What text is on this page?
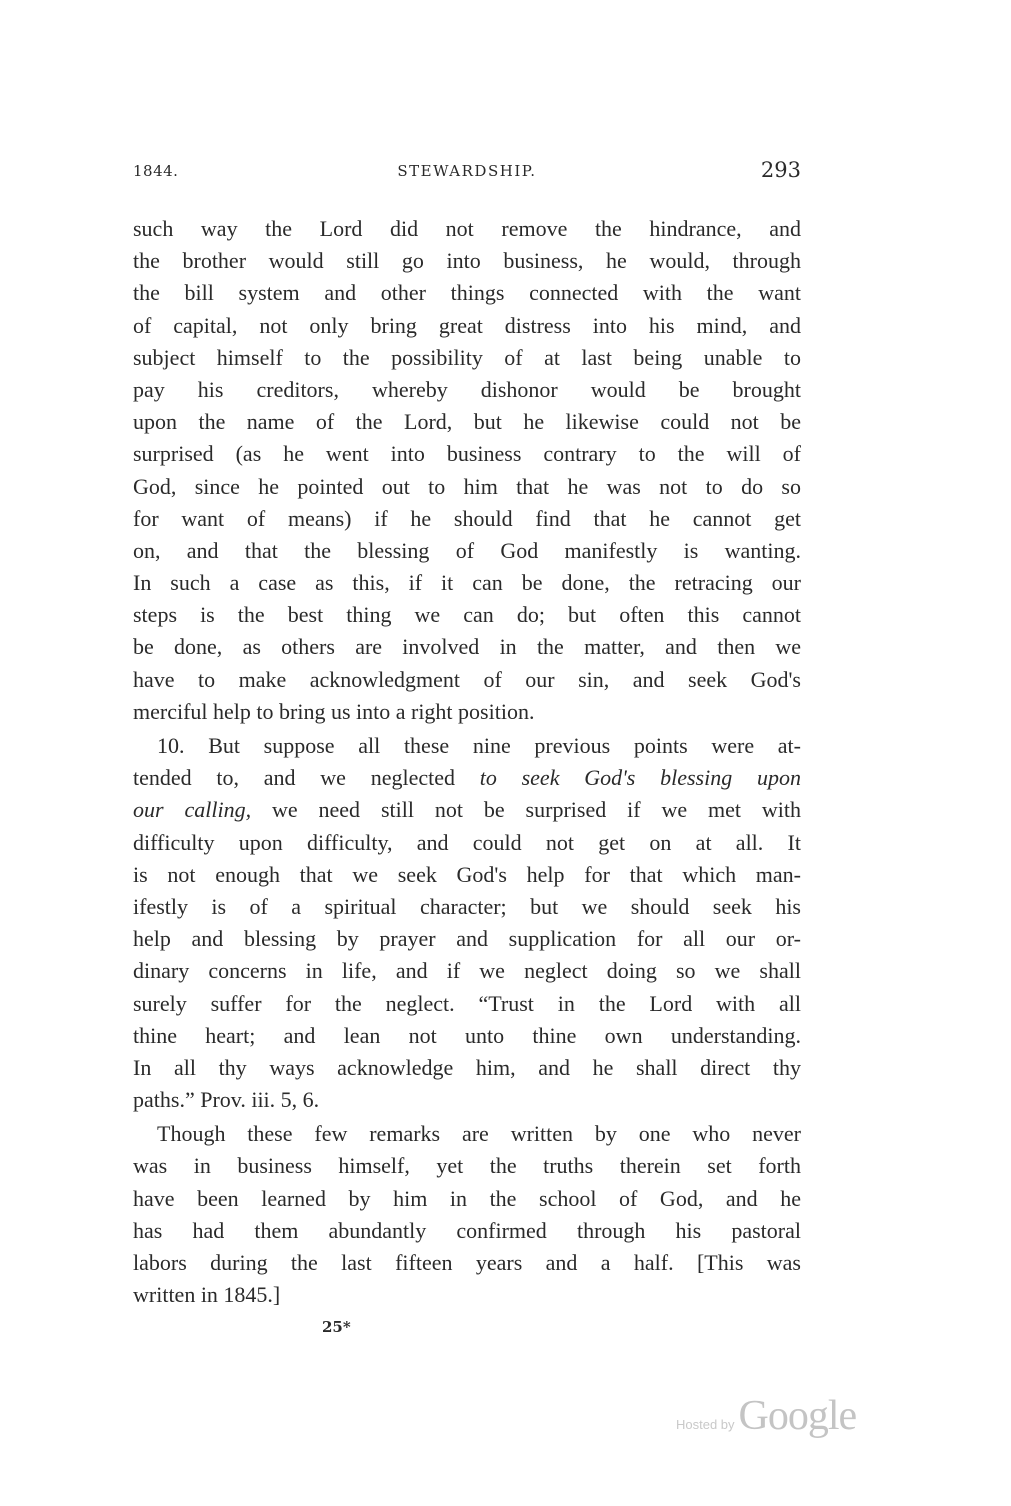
1844.	STEWARDSHIP.	293
such way the Lord did not remove the hindrance, and
the brother would still go into business, he would, through
the bill system and other things connected with the want
of capital, not only bring great distress into his mind, and
subject himself to the possibility of at last being unable to
pay his creditors, whereby dishonor would be brought
upon the name of the Lord, but he likewise could not be
surprised (as he went into business contrary to the will of
God, since he pointed out to him that he was not to do so
for want of means) if he should find that he cannot get
on, and that the blessing of God manifestly is wanting.
In such a case as this, if it can be done, the retracing our
steps is the best thing we can do; but often this cannot
be done, as others are involved in the matter, and then we
have to make acknowledgment of our sin, and seek God's
merciful help to bring us into a right position.
10. But suppose all these nine previous points were at-
tended to, and we neglected to seek God's blessing upon
our calling, we need still not be surprised if we met with
difficulty upon difficulty, and could not get on at all. It
is not enough that we seek God's help for that which man-
ifestly is of a spiritual character; but we should seek his
help and blessing by prayer and supplication for all our or-
dinary concerns in life, and if we neglect doing so we shall
surely suffer for the neglect. “Trust in the Lord with all
thine heart; and lean not unto thine own understanding.
In all thy ways acknowledge him, and he shall direct thy
paths.” Prov. iii. 5, 6.
Though these few remarks are written by one who never
was in business himself, yet the truths therein set forth
have been learned by him in the school of God, and he
has had them abundantly confirmed through his pastoral
labors during the last fifteen years and a half. [This was
written in 1845.]
25*
Hosted by Google
